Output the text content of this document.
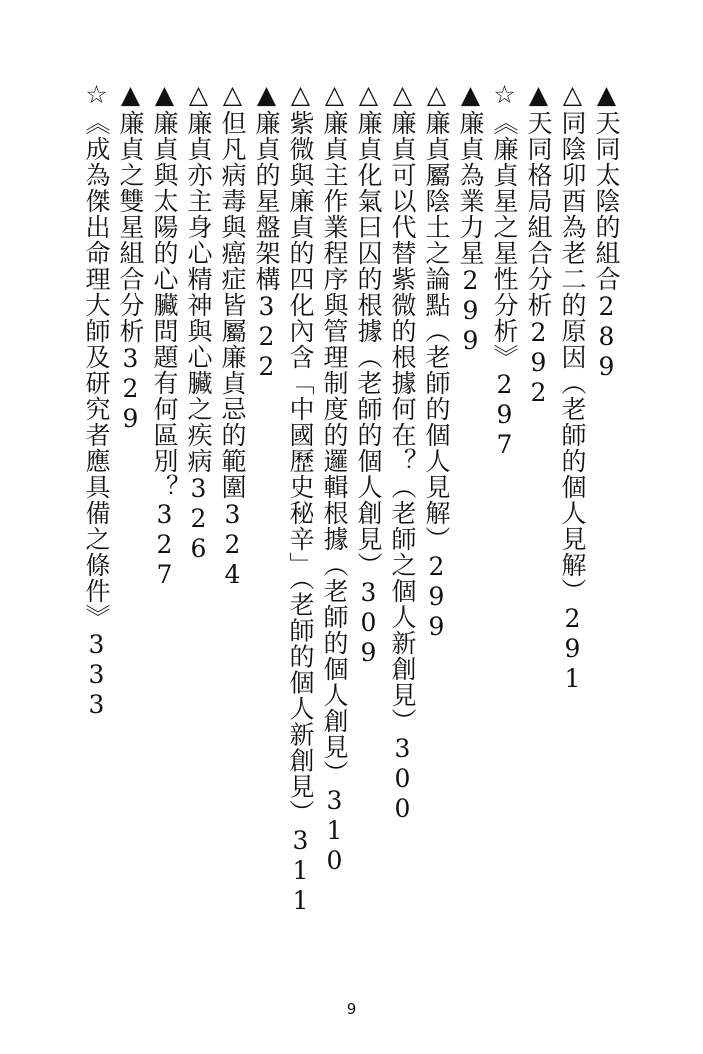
▲天同太陰的組合289
△同陰卯酉為老二的原因（老師的個人見解）291
▲天同格局組合分析292
☆《廉貞星之星性分析》297
▲廉貞為業力星299
△廉貞屬陰土之論點（老師的個人見解）299
△廉貞可以代替紫微的根據何在？（老師之個人新創見）300
△廉貞化氣曰囚的根據（老師的個人創見）309
△廉貞主作業程序與管理制度的邏輯根據（老師的個人創見）310
△紫微與廉貞的四化內含「中國歷史秘辛」（老師的個人新創見）311
▲廉貞的星盤架構322
△但凡病毒與癌症皆屬廉貞忌的範圍324
△廉貞亦主身心精神與心臟之疾病326
▲廉貞與太陽的心臟問題有何區別？327
▲廉貞之雙星組合分析329
☆《成為傑出命理大師及研究者應具備之條件》333
9
